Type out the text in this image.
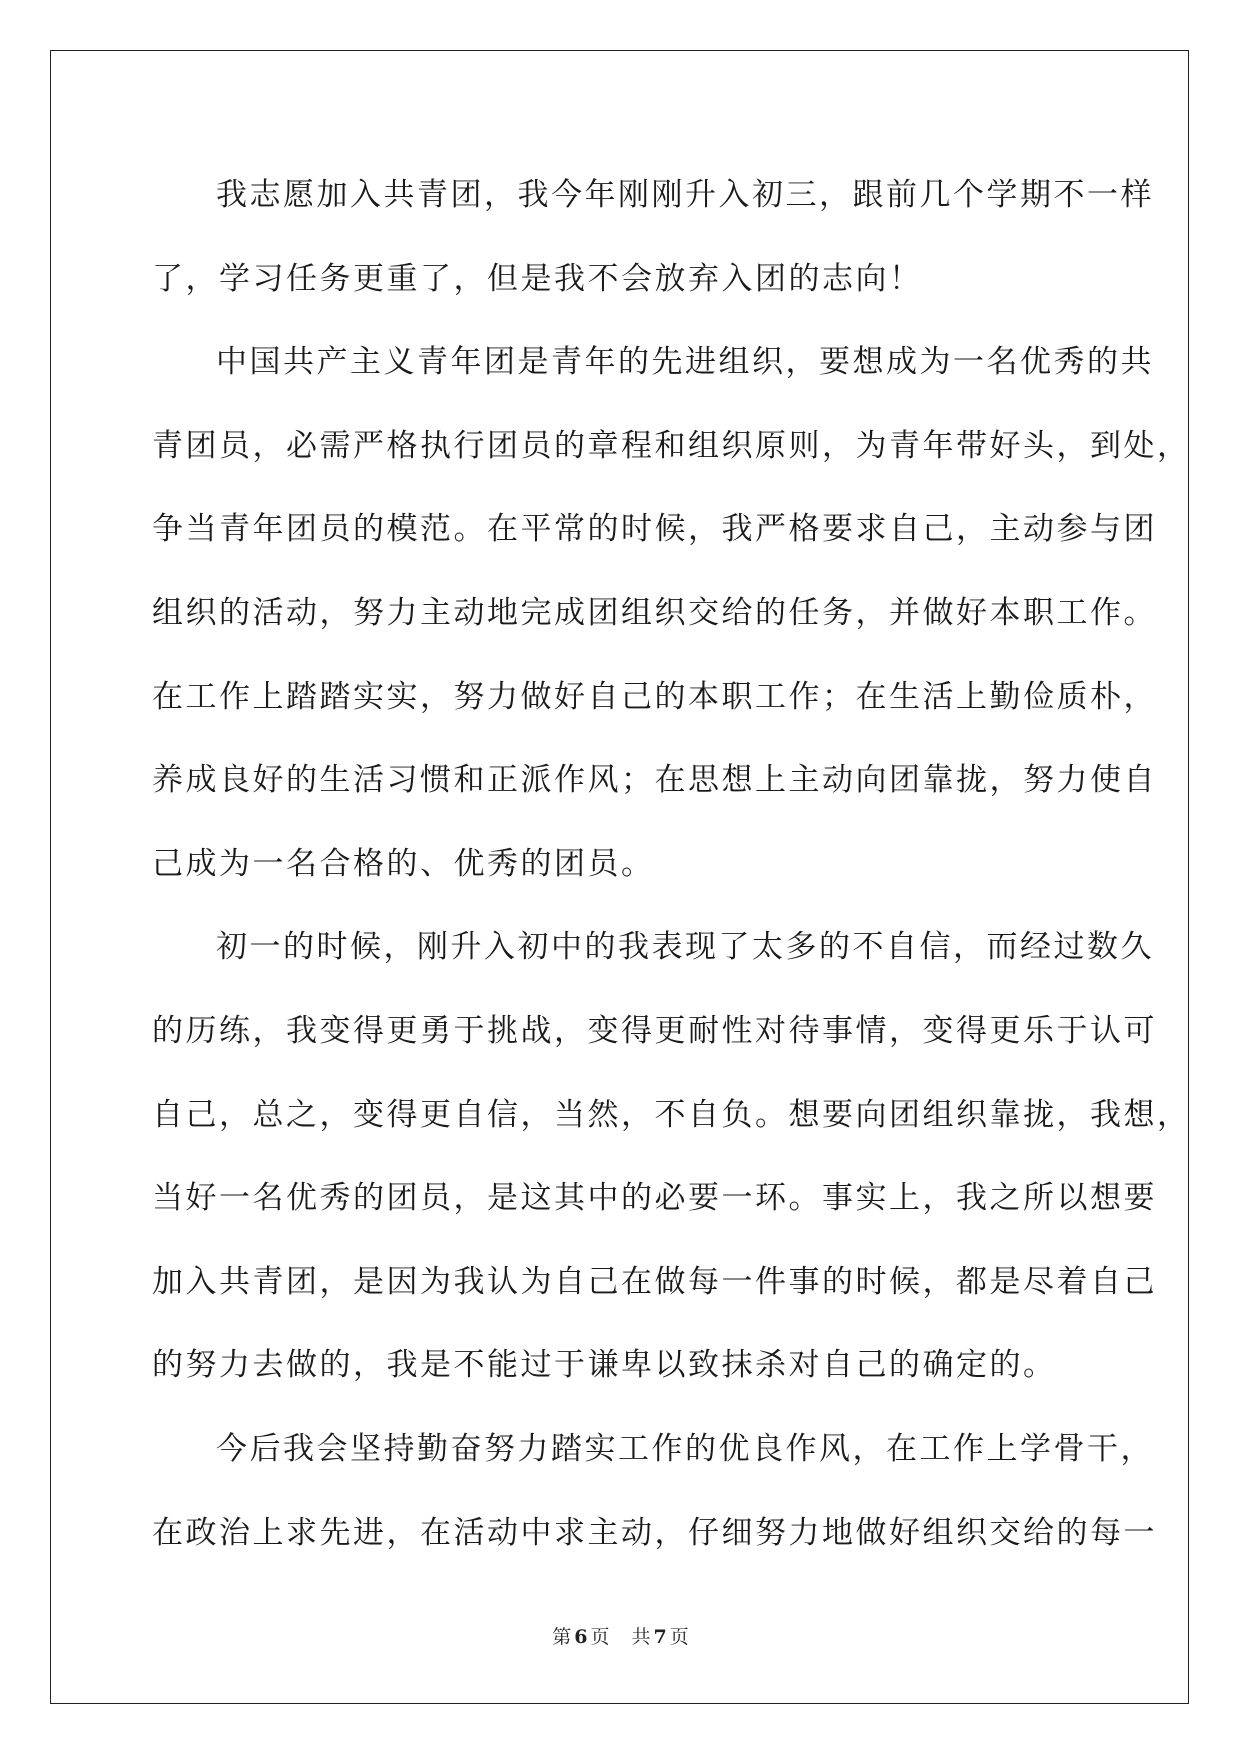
我志愿加入共青团，我今年刚刚升入初三，跟前几个学期不一样
了，学习任务更重了，但是我不会放弃入团的志向！
中国共产主义青年团是青年的先进组织，要想成为一名优秀的共
青团员，必需严格执行团员的章程和组织原则，为青年带好头，到处，
争当青年团员的模范。在平常的时候，我严格要求自己，主动参与团
组织的活动，努力主动地完成团组织交给的任务，并做好本职工作。
在工作上踏踏实实，努力做好自己的本职工作；在生活上勤俭质朴，
养成良好的生活习惯和正派作风；在思想上主动向团靠拢，努力使自
己成为一名合格的、优秀的团员。
初一的时候，刚升入初中的我表现了太多的不自信，而经过数久
的历练，我变得更勇于挑战，变得更耐性对待事情，变得更乐于认可
自己，总之，变得更自信，当然，不自负。想要向团组织靠拢，我想，
当好一名优秀的团员，是这其中的必要一环。事实上，我之所以想要
加入共青团，是因为我认为自己在做每一件事的时候，都是尽着自己
的努力去做的，我是不能过于谦卑以致抹杀对自己的确定的。
今后我会坚持勤奋努力踏实工作的优良作风，在工作上学骨干，
在政治上求先进，在活动中求主动，仔细努力地做好组织交给的每一
第 6 页 共 7 页
